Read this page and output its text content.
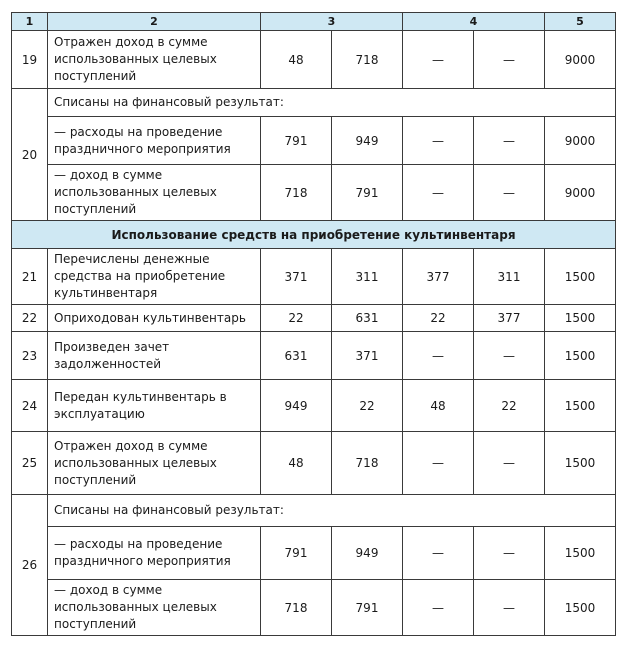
1	2	3		4		5
19	Отражен доход в сумме использованных целевых поступлений	48	718	—	—	9000
20	Списаны на финансовый результат:					
	— расходы на проведение праздничного мероприятия	791	949	—	—	9000
	— доход в сумме использованных целевых поступлений	718	791	—	—	9000
Использование средств на приобретение культинвентаря						
21	Перечислены денежные средства на приобретение культинвентаря	371	311	377	311	1500
22	Оприходован культинвентарь	22	631	22	377	1500
23	Произведен зачет задолженностей	631	371	—	—	1500
24	Передан культинвентарь в эксплуатацию	949	22	48	22	1500
25	Отражен доход в сумме использованных целевых поступлений	48	718	—	—	1500
26	Списаны на финансовый результат:					
	— расходы на проведение праздничного мероприятия	791	949	—	—	1500
	— доход в сумме использованных целевых поступлений	718	791	—	—	1500
